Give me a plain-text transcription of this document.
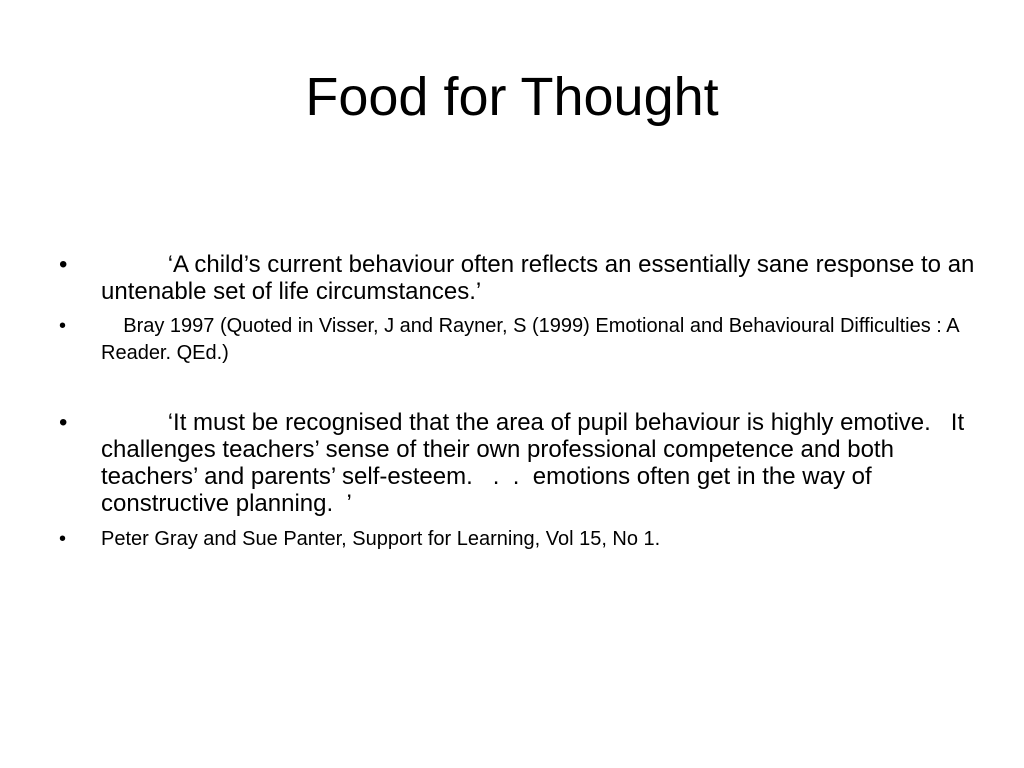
Food for Thought
• ‘A child’s current behaviour often reflects an essentially sane response to an untenable set of life circumstances.’
• Bray 1997 (Quoted in Visser, J and Rayner, S (1999) Emotional and Behavioural Difficulties : A Reader. QEd.)
• ‘It must be recognised that the area of pupil behaviour is highly emotive.   It challenges teachers’ sense of their own professional competence and both teachers’ and parents’ self-esteem.   .  .  emotions often get in the way of constructive planning.  ’
• Peter Gray and Sue Panter, Support for Learning, Vol 15, No 1.
